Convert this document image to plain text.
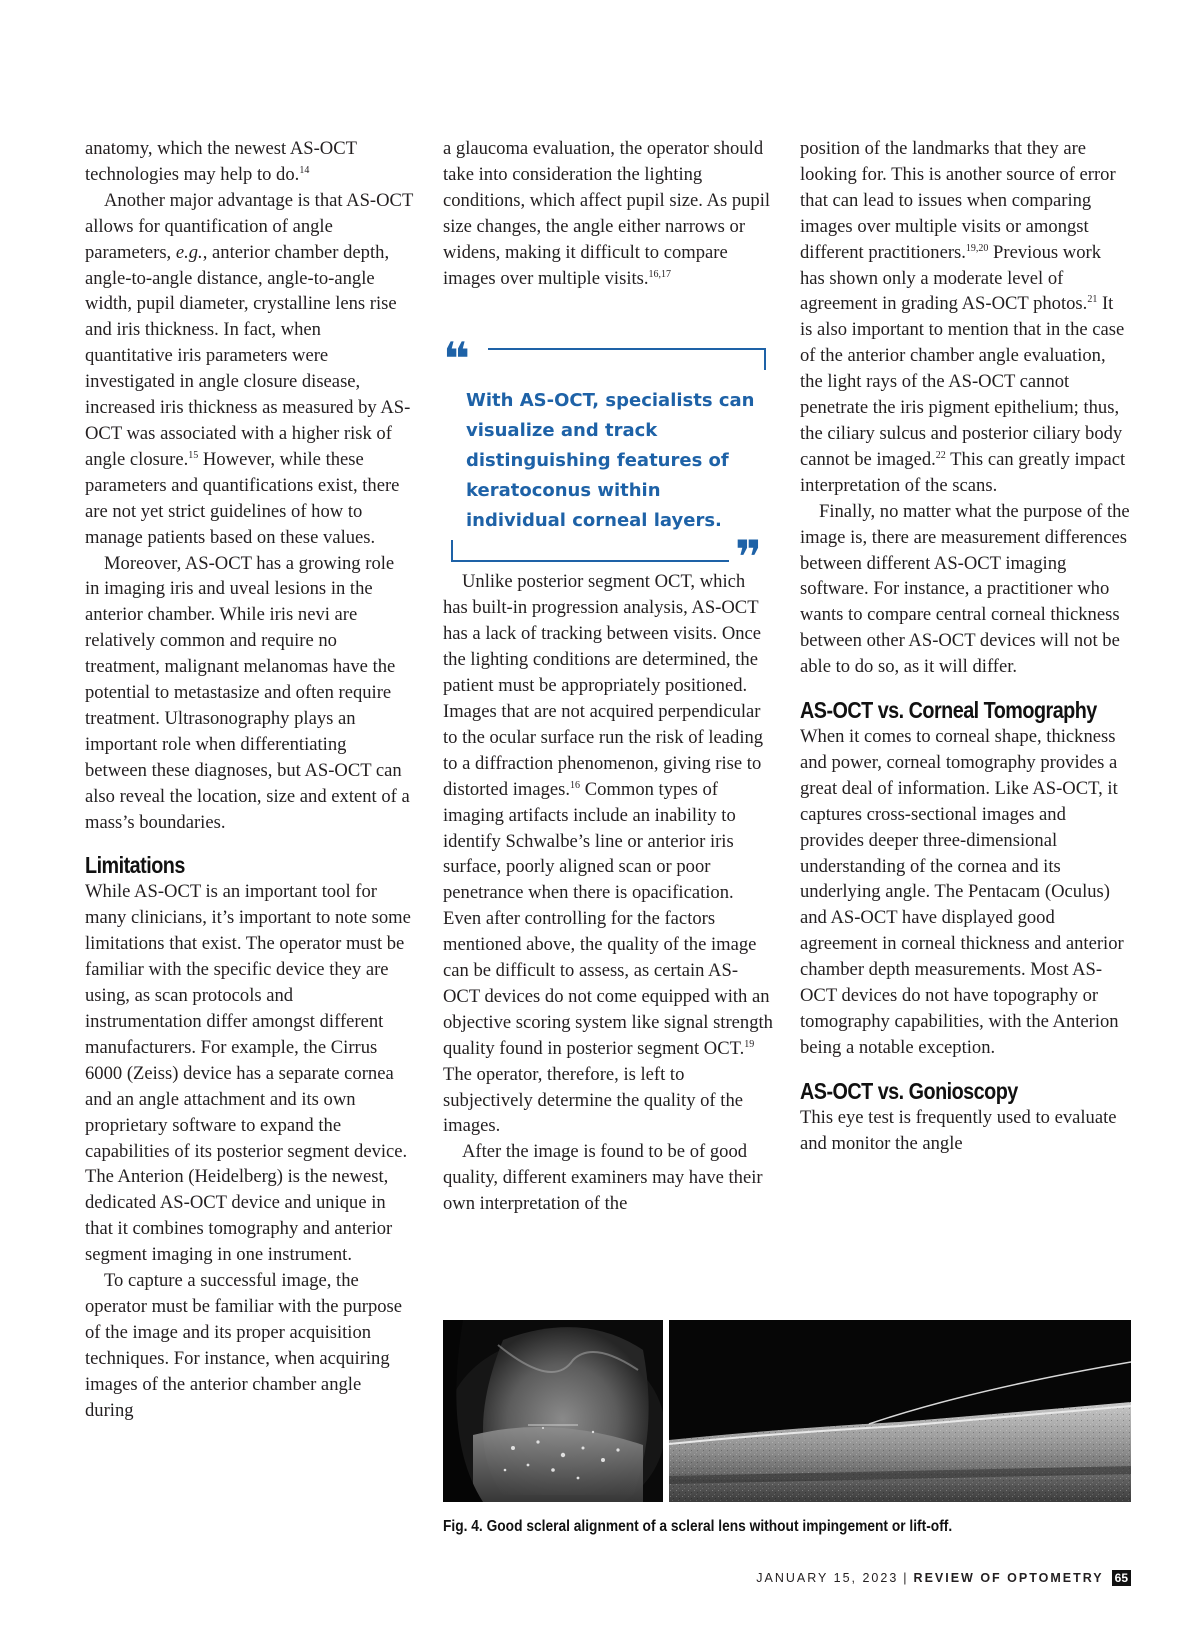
anatomy, which the newest AS-OCT technologies may help to do.$^{14}$

Another major advantage is that AS-OCT allows for quantification of angle parameters, e.g., anterior chamber depth, angle-to-angle distance, angle-to-angle width, pupil diameter, crystalline lens rise and iris thickness. In fact, when quantitative iris parameters were investigated in angle closure disease, increased iris thickness as measured by AS-OCT was associated with a higher risk of angle closure.$^{15}$ However, while these parameters and quantifications exist, there are not yet strict guidelines of how to manage patients based on these values.

Moreover, AS-OCT has a growing role in imaging iris and uveal lesions in the anterior chamber. While iris nevi are relatively common and require no treatment, malignant melanomas have the potential to metastasize and often require treatment. Ultrasonography plays an important role when differentiating between these diagnoses, but AS-OCT can also reveal the location, size and extent of a mass’s boundaries.

Limitations

While AS-OCT is an important tool for many clinicians, it’s important to note some limitations that exist. The operator must be familiar with the specific device they are using, as scan protocols and instrumentation differ amongst different manufacturers. For example, the Cirrus 6000 (Zeiss) device has a separate cornea and an angle attachment and its own proprietary software to expand the capabilities of its posterior segment device. The Anterion (Heidelberg) is the newest, dedicated AS-OCT device and unique in that it combines tomography and anterior segment imaging in one instrument.

To capture a successful image, the operator must be familiar with the purpose of the image and its proper acquisition techniques. For instance, when acquiring images of the anterior chamber angle during

a glaucoma evaluation, the operator should take into consideration the lighting conditions, which affect pupil size. As pupil size changes, the angle either narrows or widens, making it difficult to compare images over multiple visits.$^{16,17}$

Unlike posterior segment OCT, which has built-in progression analysis, AS-OCT has a lack of tracking between visits. Once the lighting conditions are determined, the patient must be appropriately positioned. Images that are not acquired perpendicular to the ocular surface run the risk of leading to a diffraction phenomenon, giving rise to distorted images.$^{16}$ Common types of imaging artifacts include an inability to identify Schwalbe’s line or anterior iris surface, poorly aligned scan or poor penetrance when there is opacification. Even after controlling for the factors mentioned above, the quality of the image can be difficult to assess, as certain AS-OCT devices do not come equipped with an objective scoring system like signal strength quality found in posterior segment OCT.$^{19}$ The operator, therefore, is left to subjectively determine the quality of the images.

After the image is found to be of good quality, different examiners may have their own interpretation of the

position of the landmarks that they are looking for. This is another source of error that can lead to issues when comparing images over multiple visits or amongst different practitioners.$^{19,20}$ Previous work has shown only a moderate level of agreement in grading AS-OCT photos.$^{21}$ It is also important to mention that in the case of the anterior chamber angle evaluation, the light rays of the AS-OCT cannot penetrate the iris pigment epithelium; thus, the ciliary sulcus and posterior ciliary body cannot be imaged.$^{22}$ This can greatly impact interpretation of the scans.

Finally, no matter what the purpose of the image is, there are measurement differences between different AS-OCT imaging software. For instance, a practitioner who wants to compare central corneal thickness between other AS-OCT devices will not be able to do so, as it will differ.

AS-OCT vs. Corneal Tomography

When it comes to corneal shape, thickness and power, corneal tomography provides a great deal of information. Like AS-OCT, it captures cross-sectional images and provides deeper three-dimensional understanding of the cornea and its underlying angle. The Pentacam (Oculus) and AS-OCT have displayed good agreement in corneal thickness and anterior chamber depth measurements. Most AS-OCT devices do not have topography or tomography capabilities, with the Anterion being a notable exception.

AS-OCT vs. Gonioscopy

This eye test is frequently used to evaluate and monitor the angle

❝
With AS-OCT, specialists can visualize and track distinguishing features of keratoconus within individual corneal layers.
❞
Fig. 4. Good scleral alignment of a scleral lens without impingement or lift-off.
JANUARY 15, 2023 | REVIEW OF OPTOMETRY 65
